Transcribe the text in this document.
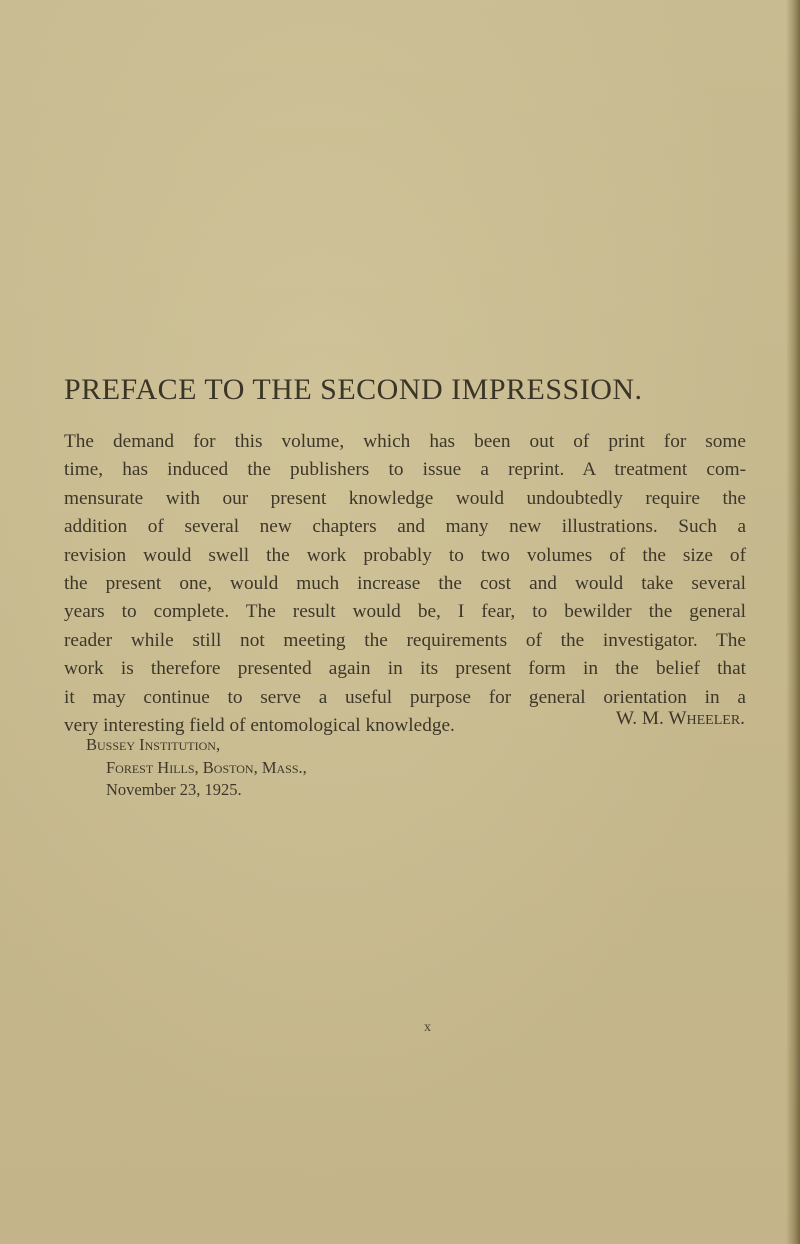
PREFACE TO THE SECOND IMPRESSION.
The demand for this volume, which has been out of print for some
time, has induced the publishers to issue a reprint. A treatment com-
mensurate with our present knowledge would undoubtedly require the
addition of several new chapters and many new illustrations. Such a
revision would swell the work probably to two volumes of the size of
the present one, would much increase the cost and would take several
years to complete. The result would be, I fear, to bewilder the general
reader while still not meeting the requirements of the investigator. The
work is therefore presented again in its present form in the belief that
it may continue to serve a useful purpose for general orientation in a
very interesting field of entomological knowledge.	W. M. Wheeler.
Bussey Institution,
Forest Hills, Boston, Mass.,
November 23, 1925.
x
